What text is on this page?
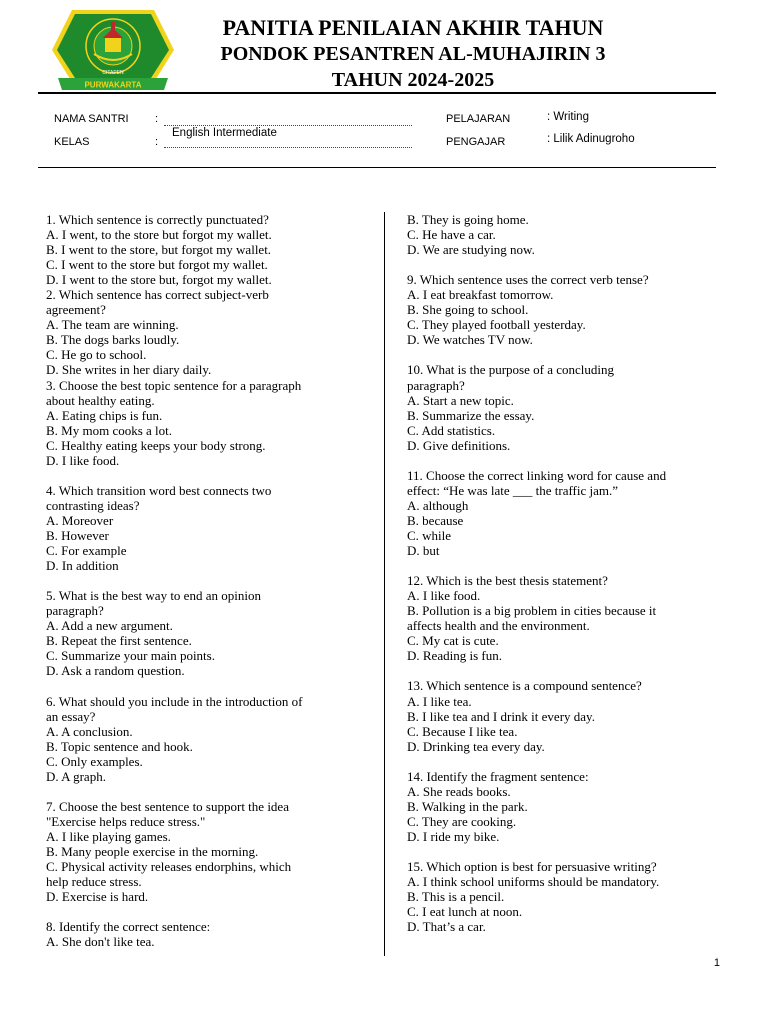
CITAPEN
PURWAKARTA
PANITIA PENILAIAN AKHIR TAHUN
PONDOK PESANTREN AL-MUHAJIRIN 3
TAHUN 2024-2025
NAMA SANTRI :
KELAS	:
English Intermediate
PELAJARAN	: Writing
PENGAJAR	: Lilik Adinugroho
1. Which sentence is correctly punctuated?
A. I went, to the store but forgot my wallet.
B. I went to the store, but forgot my wallet.
C. I went to the store but forgot my wallet.
D. I went to the store but, forgot my wallet.
2. Which sentence has correct subject-verb
agreement?
A. The team are winning.
B. The dogs barks loudly.
C. He go to school.
D. She writes in her diary daily.
3. Choose the best topic sentence for a paragraph
about healthy eating.
A. Eating chips is fun.
B. My mom cooks a lot.
C. Healthy eating keeps your body strong.
D. I like food.
4. Which transition word best connects two
contrasting ideas?
A. Moreover
B. However
C. For example
D. In addition
5. What is the best way to end an opinion
paragraph?
A. Add a new argument.
B. Repeat the first sentence.
C. Summarize your main points.
D. Ask a random question.
6. What should you include in the introduction of
an essay?
A. A conclusion.
B. Topic sentence and hook.
C. Only examples.
D. A graph.
7. Choose the best sentence to support the idea
"Exercise helps reduce stress."
A. I like playing games.
B. Many people exercise in the morning.
C. Physical activity releases endorphins, which
help reduce stress.
D. Exercise is hard.
8. Identify the correct sentence:
A. She don't like tea.
B. They is going home.
C. He have a car.
D. We are studying now.
9. Which sentence uses the correct verb tense?
A. I eat breakfast tomorrow.
B. She going to school.
C. They played football yesterday.
D. We watches TV now.
10. What is the purpose of a concluding
paragraph?
A. Start a new topic.
B. Summarize the essay.
C. Add statistics.
D. Give definitions.
11. Choose the correct linking word for cause and
effect: “He was late ___ the traffic jam.”
A. although
B. because
C. while
D. but
12. Which is the best thesis statement?
A. I like food.
B. Pollution is a big problem in cities because it
affects health and the environment.
C. My cat is cute.
D. Reading is fun.
13. Which sentence is a compound sentence?
A. I like tea.
B. I like tea and I drink it every day.
C. Because I like tea.
D. Drinking tea every day.
14. Identify the fragment sentence:
A. She reads books.
B. Walking in the park.
C. They are cooking.
D. I ride my bike.
15. Which option is best for persuasive writing?
A. I think school uniforms should be mandatory.
B. This is a pencil.
C. I eat lunch at noon.
D. That’s a car.
1
